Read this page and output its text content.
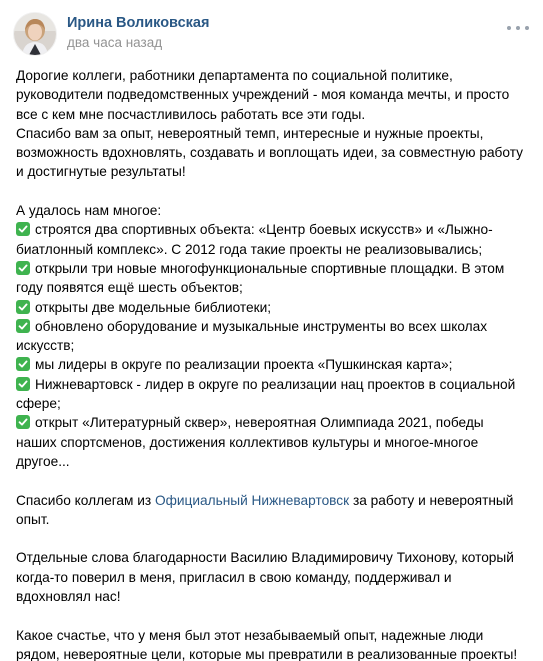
Ирина Воликовская
два часа назад
Дорогие коллеги, работники департамента по социальной политике,
руководители подведомственных учреждений - моя команда мечты, и просто
все с кем мне посчастливилось работать все эти годы.
Спасибо вам за опыт, невероятный темп, интересные и нужные проекты,
возможность вдохновлять, создавать и воплощать идеи, за совместную работу
и достигнутые результаты!
А удалось нам многое:
строятся два спортивных объекта: «Центр боевых искусств» и «Лыжно-
биатлонный комплекс». С 2012 года такие проекты не реализовывались;
открыли три новые многофункциональные спортивные площадки. В этом
году появятся ещё шесть объектов;
открыты две модельные библиотеки;
обновлено оборудование и музыкальные инструменты во всех школах
искусств;
мы лидеры в округе по реализации проекта «Пушкинская карта»;
Нижневартовск - лидер в округе по реализации нац проектов в социальной
сфере;
открыт «Литературный сквер», невероятная Олимпиада 2021, победы
наших спортсменов, достижения коллективов культуры и многое-многое
другое...
Спасибо коллегам из Официальный Нижневартовск за работу и невероятный
опыт.
Отдельные слова благодарности Василию Владимировичу Тихонову, который
когда-то поверил в меня, пригласил в свою команду, поддерживал и
вдохновлял нас!
Какое счастье, что у меня был этот незабываемый опыт, надежные люди
рядом, невероятные цели, которые мы превратили в реализованные проекты!
